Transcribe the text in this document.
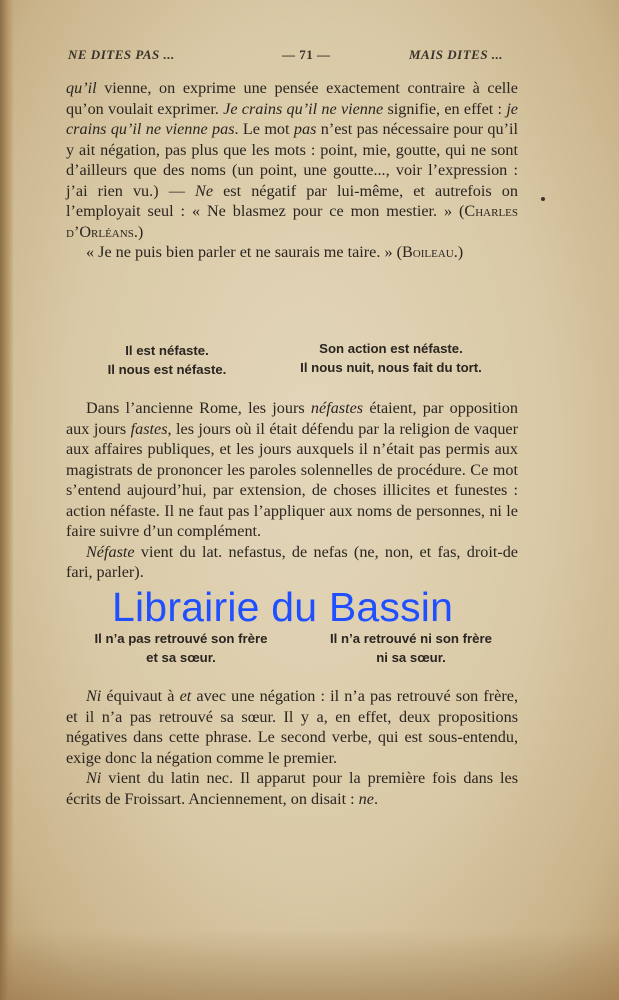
NE DITES PAS ...	— 71 —	MAIS DITES ...

qu’il vienne, on exprime une pensée exactement contraire à celle qu’on voulait exprimer. Je crains qu’il ne vienne signifie, en effet : je crains qu’il ne vienne pas. Le mot pas n’est pas nécessaire pour qu’il y ait négation, pas plus que les mots : point, mie, goutte, qui ne sont d’ailleurs que des noms (un point, une goutte..., voir l’expression : j’ai rien vu.) — Ne est négatif par lui-même, et autrefois on l’employait seul : « Ne blasmez pour ce mon mestier. » (Charles d’Orléans.)

« Je ne puis bien parler et ne saurais me taire. » (Boileau.)

Il est néfaste.
Il nous est néfaste.
Son action est néfaste.
Il nous nuit, nous fait du tort.

Dans l’ancienne Rome, les jours néfastes étaient, par opposition aux jours fastes, les jours où il était défendu par la religion de vaquer aux affaires publiques, et les jours auxquels il n’était pas permis aux magistrats de prononcer les paroles solennelles de procédure. Ce mot s’entend aujourd’hui, par extension, de choses illicites et funestes : action néfaste. Il ne faut pas l’appliquer aux noms de personnes, ni le faire suivre d’un complément.

Néfaste vient du lat. nefastus, de nefas (ne, non, et fas, droit-de fari, parler).

Librairie du Bassin
Il n’a pas retrouvé son frère
et sa sœur.
Il n’a retrouvé ni son frère
ni sa sœur.

Ni équivaut à et avec une négation : il n’a pas retrouvé son frère, et il n’a pas retrouvé sa sœur. Il y a, en effet, deux propositions négatives dans cette phrase. Le second verbe, qui est sous-entendu, exige donc la négation comme le premier.

Ni vient du latin nec. Il apparut pour la première fois dans les écrits de Froissart. Anciennement, on disait : ne.
